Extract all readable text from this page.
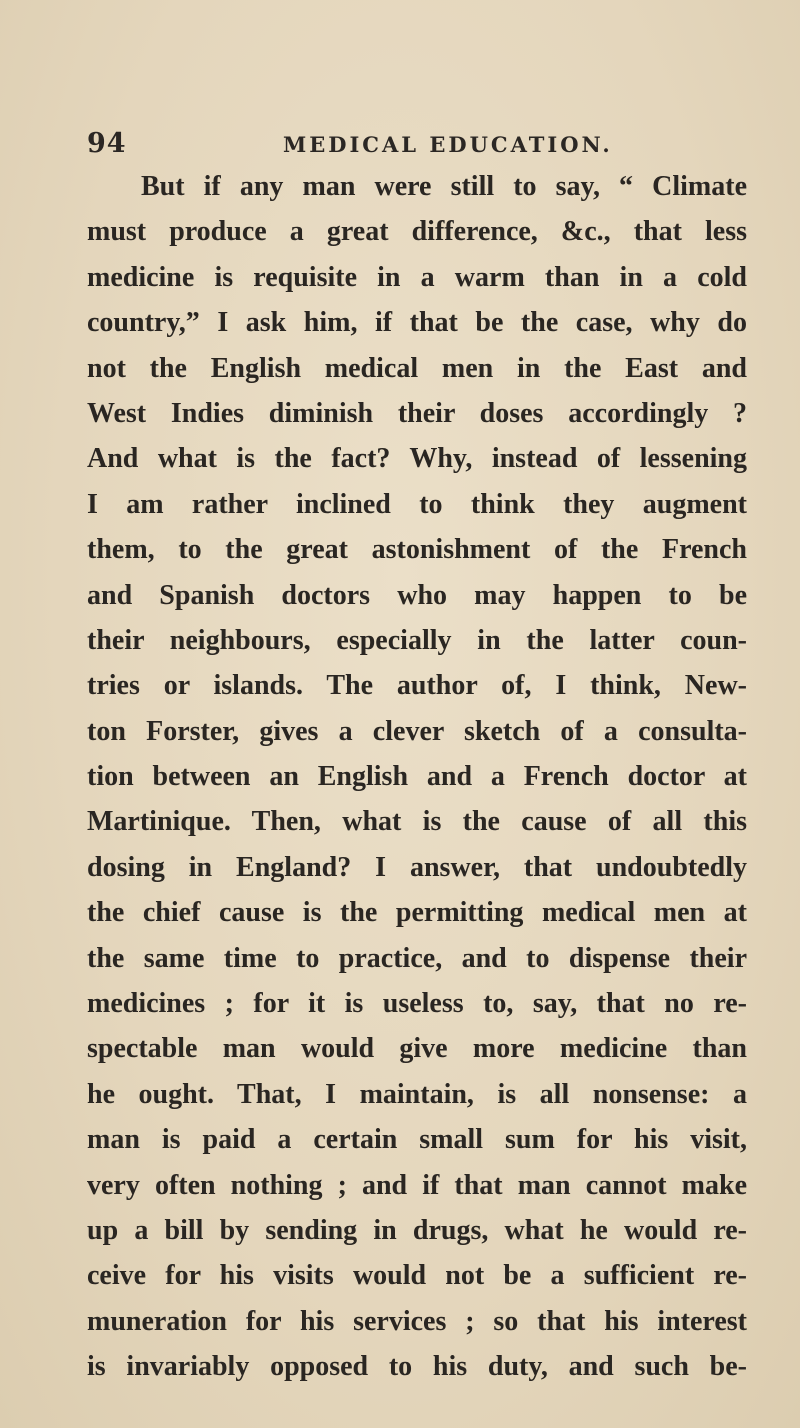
94	MEDICAL EDUCATION.
But if any man were still to say, “ Climate
must produce a great difference, &c., that less
medicine is requisite in a warm than in a cold
country,” I ask him, if that be the case, why do
not the English medical men in the East and
West Indies diminish their doses accordingly ?
And what is the fact? Why, instead of lessening
I am rather inclined to think they augment
them, to the great astonishment of the French
and Spanish doctors who may happen to be
their neighbours, especially in the latter coun-
tries or islands. The author of, I think, New-
ton Forster, gives a clever sketch of a consulta-
tion between an English and a French doctor at
Martinique. Then, what is the cause of all this
dosing in England? I answer, that undoubtedly
the chief cause is the permitting medical men at
the same time to practice, and to dispense their
medicines ; for it is useless to, say, that no re-
spectable man would give more medicine than
he ought. That, I maintain, is all nonsense: a
man is paid a certain small sum for his visit,
very often nothing ; and if that man cannot make
up a bill by sending in drugs, what he would re-
ceive for his visits would not be a sufficient re-
muneration for his services ; so that his interest
is invariably opposed to his duty, and such be-
